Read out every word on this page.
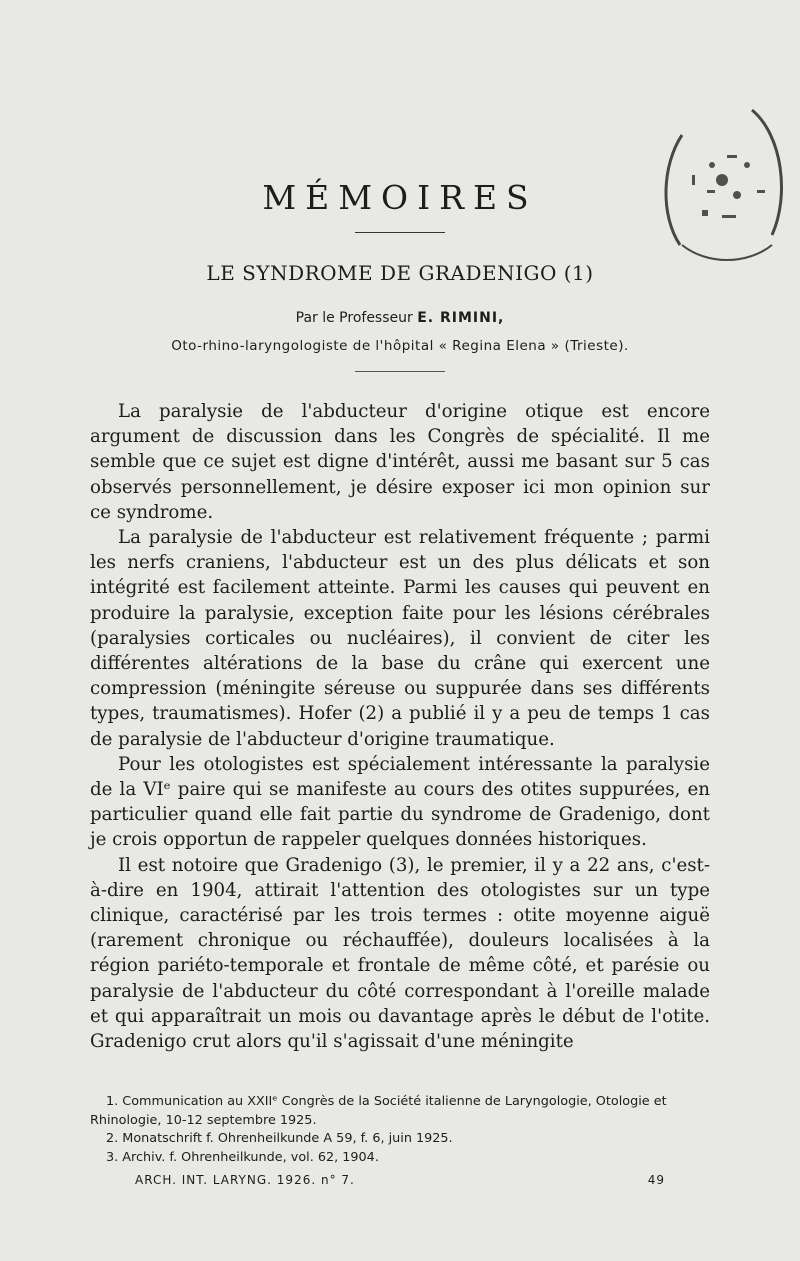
MÉMOIRES
LE SYNDROME DE GRADENIGO (1)
Par le Professeur E. RIMINI,
Oto-rhino-laryngologiste de l'hôpital « Regina Elena » (Trieste).

La paralysie de l'abducteur d'origine otique est encore argument de discussion dans les Congrès de spécialité. Il me semble que ce sujet est digne d'intérêt, aussi me basant sur 5 cas observés personnellement, je désire exposer ici mon opinion sur ce syndrome.

La paralysie de l'abducteur est relativement fréquente ; parmi les nerfs craniens, l'abducteur est un des plus délicats et son intégrité est facilement atteinte. Parmi les causes qui peuvent en produire la paralysie, exception faite pour les lésions cérébrales (paralysies corticales ou nucléaires), il convient de citer les différentes altérations de la base du crâne qui exercent une compression (méningite séreuse ou suppurée dans ses différents types, traumatismes). Hofer (2) a publié il y a peu de temps 1 cas de paralysie de l'abducteur d'origine traumatique.

Pour les otologistes est spécialement intéressante la paralysie de la VIᵉ paire qui se manifeste au cours des otites suppurées, en particulier quand elle fait partie du syndrome de Gradenigo, dont je crois opportun de rappeler quelques données historiques.

Il est notoire que Gradenigo (3), le premier, il y a 22 ans, c'est-à-dire en 1904, attirait l'attention des otologistes sur un type clinique, caractérisé par les trois termes : otite moyenne aiguë (rarement chronique ou réchauffée), douleurs localisées à la région pariéto-temporale et frontale de même côté, et parésie ou paralysie de l'abducteur du côté correspondant à l'oreille malade et qui apparaîtrait un mois ou davantage après le début de l'otite. Gradenigo crut alors qu'il s'agissait d'une méningite

1. Communication au XXIIᵉ Congrès de la Société italienne de Laryngologie, Otologie et Rhinologie, 10-12 septembre 1925.
2. Monatschrift f. Ohrenheilkunde A 59, f. 6, juin 1925.
3. Archiv. f. Ohrenheilkunde, vol. 62, 1904.
ARCH. INT. LARYNG. 1926. n° 7.	49
